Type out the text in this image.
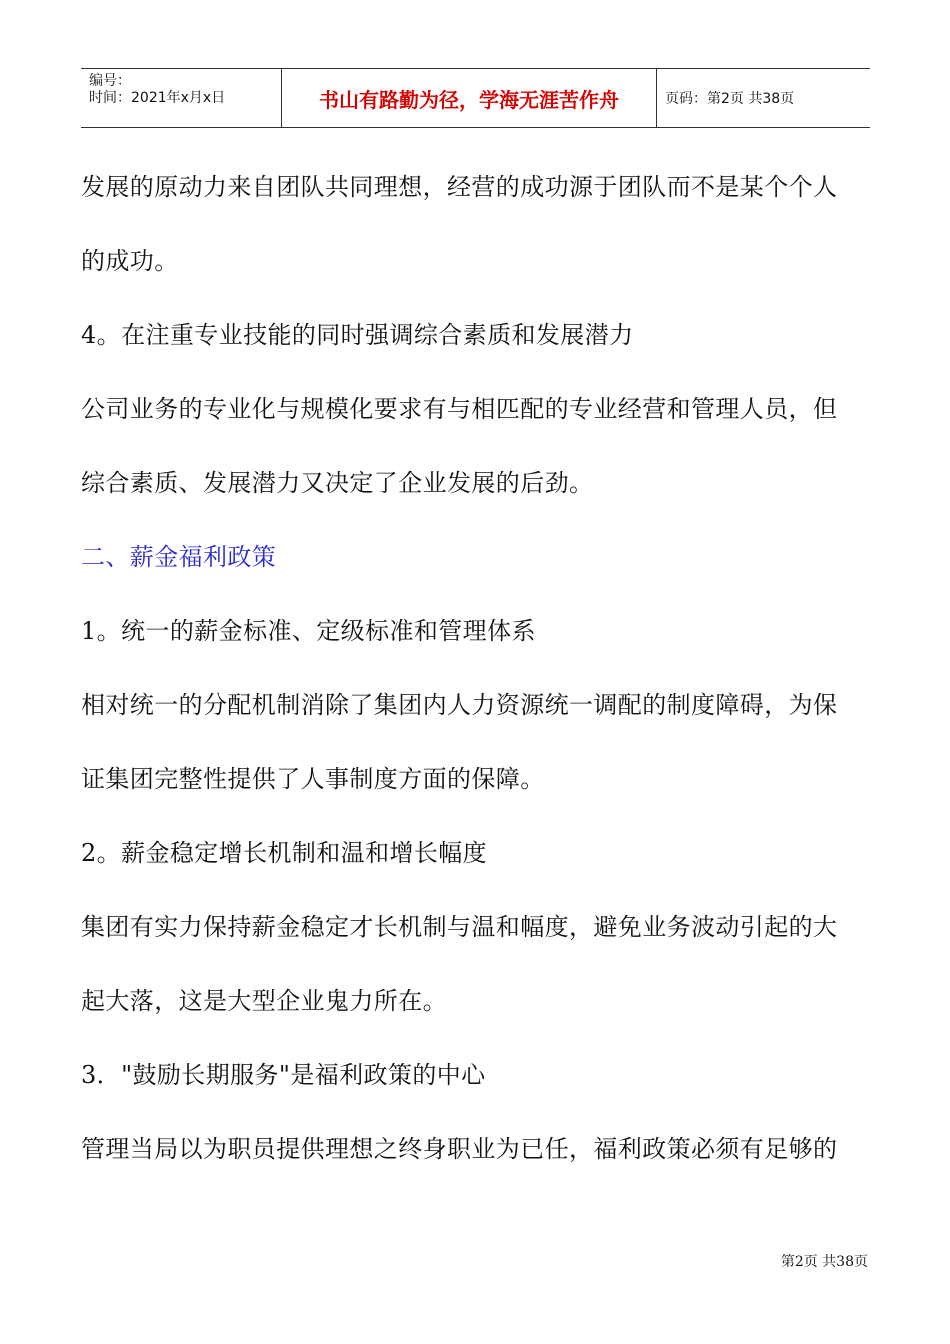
编号：
时间：2021年x月x日	书山有路勤为径，学海无涯苦作舟	页码：第2页 共38页
发展的原动力来自团队共同理想，经营的成功源于团队而不是某个个人
的成功。
4。在注重专业技能的同时强调综合素质和发展潜力
公司业务的专业化与规模化要求有与相匹配的专业经营和管理人员，但
综合素质、发展潜力又决定了企业发展的后劲。
二、薪金福利政策
1。统一的薪金标准、定级标准和管理体系
相对统一的分配机制消除了集团内人力资源统一调配的制度障碍，为保
证集团完整性提供了人事制度方面的保障。
2。薪金稳定增长机制和温和增长幅度
集团有实力保持薪金稳定才长机制与温和幅度，避免业务波动引起的大
起大落，这是大型企业鬼力所在。
3．"鼓励长期服务"是福利政策的中心
管理当局以为职员提供理想之终身职业为已任，福利政策必须有足够的
第2页 共38页
